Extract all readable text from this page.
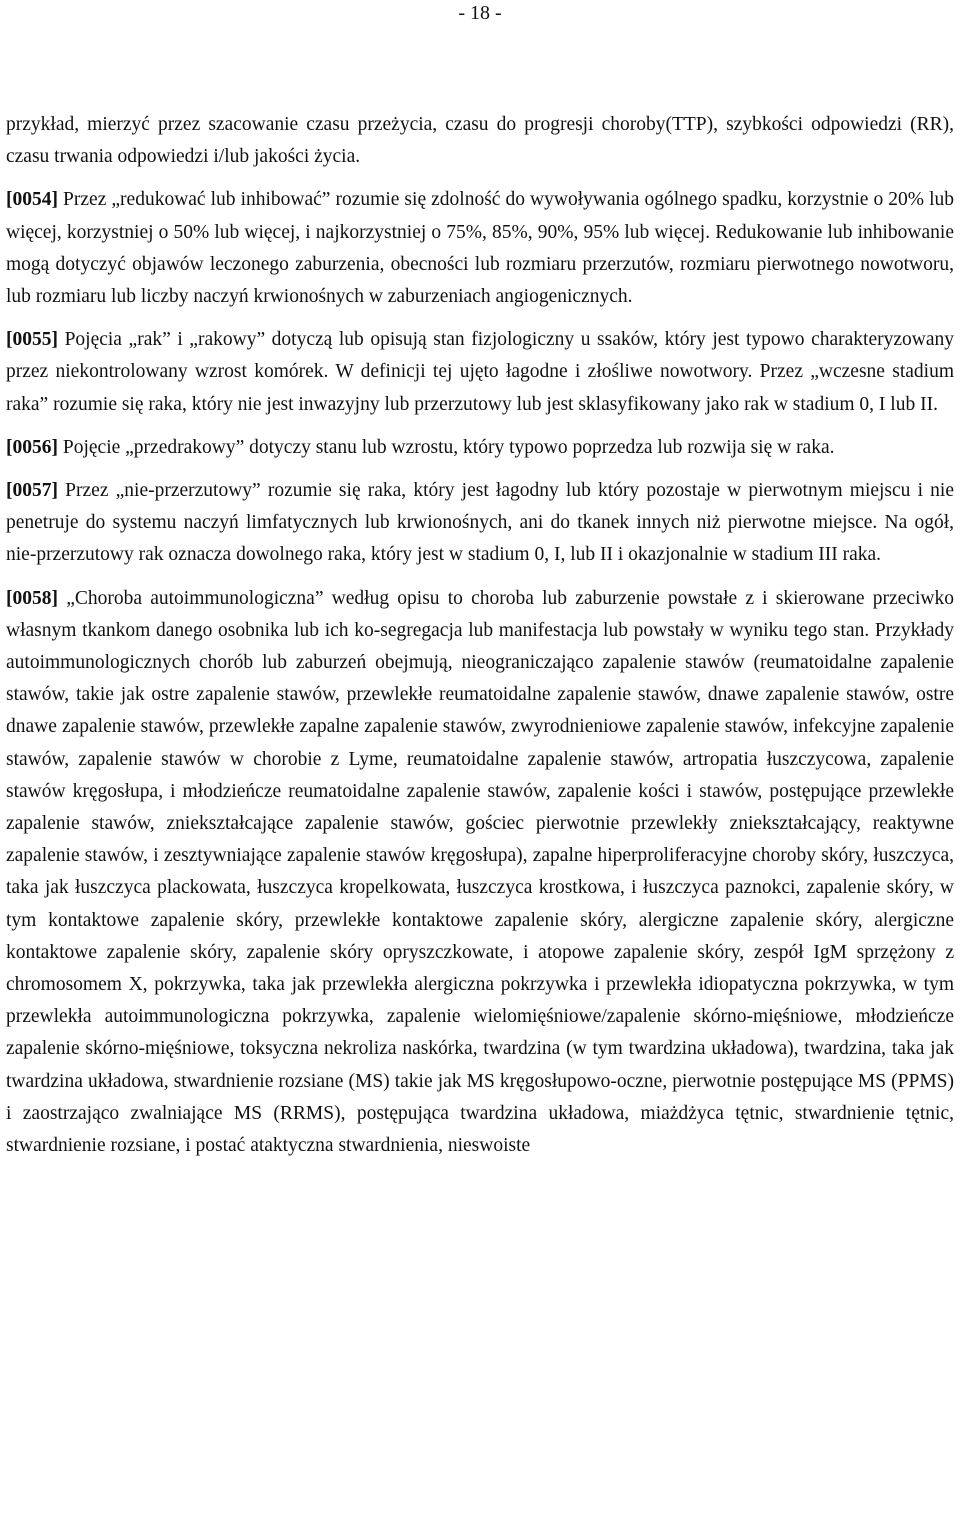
- 18 -

przykład, mierzyć przez szacowanie czasu przeżycia, czasu do progresji choroby(TTP), szybkości odpowiedzi (RR), czasu trwania odpowiedzi i/lub jakości życia.

[0054] Przez „redukować lub inhibować” rozumie się zdolność do wywoływania ogólnego spadku, korzystnie o 20% lub więcej, korzystniej o 50% lub więcej, i najkorzystniej o 75%, 85%, 90%, 95% lub więcej. Redukowanie lub inhibowanie mogą dotyczyć objawów leczonego zaburzenia, obecności lub rozmiaru przerzutów, rozmiaru pierwotnego nowotworu, lub rozmiaru lub liczby naczyń krwionośnych w zaburzeniach angiogenicznych.

[0055] Pojęcia „rak” i „rakowy” dotyczą lub opisują stan fizjologiczny u ssaków, który jest typowo charakteryzowany przez niekontrolowany wzrost komórek. W definicji tej ujęto łagodne i złośliwe nowotwory. Przez „wczesne stadium raka” rozumie się raka, który nie jest inwazyjny lub przerzutowy lub jest sklasyfikowany jako rak w stadium 0, I lub II.

[0056] Pojęcie „przedrakowy” dotyczy stanu lub wzrostu, który typowo poprzedza lub rozwija się w raka.

[0057] Przez „nie-przerzutowy” rozumie się raka, który jest łagodny lub który pozostaje w pierwotnym miejscu i nie penetruje do systemu naczyń limfatycznych lub krwionośnych, ani do tkanek innych niż pierwotne miejsce. Na ogół, nie-przerzutowy rak oznacza dowolnego raka, który jest w stadium 0, I, lub II i okazjonalnie w stadium III raka.

[0058] „Choroba autoimmunologiczna” według opisu to choroba lub zaburzenie powstałe z i skierowane przeciwko własnym tkankom danego osobnika lub ich ko-segregacja lub manifestacja lub powstały w wyniku tego stan. Przykłady autoimmunologicznych chorób lub zaburzeń obejmują, nieograniczająco zapalenie stawów (reumatoidalne zapalenie stawów, takie jak ostre zapalenie stawów, przewlekłe reumatoidalne zapalenie stawów, dnawe zapalenie stawów, ostre dnawe zapalenie stawów, przewlekłe zapalne zapalenie stawów, zwyrodnieniowe zapalenie stawów, infekcyjne zapalenie stawów, zapalenie stawów w chorobie z Lyme, reumatoidalne zapalenie stawów, artropatia łuszczycowa, zapalenie stawów kręgosłupa, i młodzieńcze reumatoidalne zapalenie stawów, zapalenie kości i stawów, postępujące przewlekłe zapalenie stawów, zniekształcające zapalenie stawów, gościec pierwotnie przewlekły zniekształcający, reaktywne zapalenie stawów, i zesztywniające zapalenie stawów kręgosłupa), zapalne hiperproliferacyjne choroby skóry, łuszczyca, taka jak łuszczyca plackowata, łuszczyca kropelkowata, łuszczyca krostkowa, i łuszczyca paznokci, zapalenie skóry, w tym kontaktowe zapalenie skóry, przewlekłe kontaktowe zapalenie skóry, alergiczne zapalenie skóry, alergiczne kontaktowe zapalenie skóry, zapalenie skóry opryszczkowate, i atopowe zapalenie skóry, zespół IgM sprzężony z chromosomem X, pokrzywka, taka jak przewlekła alergiczna pokrzywka i przewlekła idiopatyczna pokrzywka, w tym przewlekła autoimmunologiczna pokrzywka, zapalenie wielomięśniowe/zapalenie skórno-mięśniowe, młodzieńcze zapalenie skórno-mięśniowe, toksyczna nekroliza naskórka, twardzina (w tym twardzina układowa), twardzina, taka jak twardzina układowa, stwardnienie rozsiane (MS) takie jak MS kręgosłupowo-oczne, pierwotnie postępujące MS (PPMS) i zaostrzająco zwalniające MS (RRMS), postępująca twardzina układowa, miażdżyca tętnic, stwardnienie tętnic, stwardnienie rozsiane, i postać ataktyczna stwardnienia, nieswoiste
